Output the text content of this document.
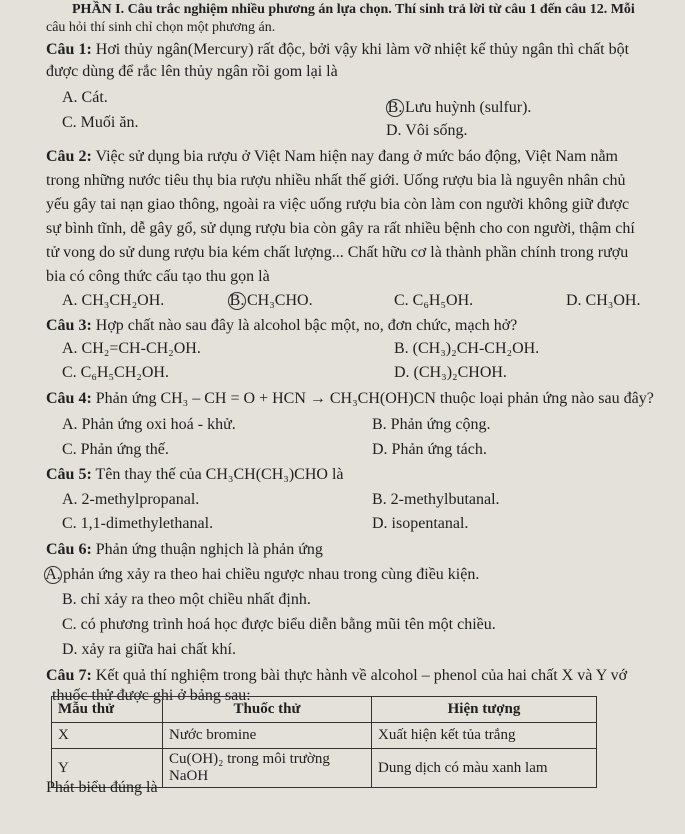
PHẦN I. Câu trắc nghiệm nhiều phương án lựa chọn. Thí sinh trả lời từ câu 1 đến câu 12. Mỗi
câu hỏi thí sinh chỉ chọn một phương án.
Câu 1: Hơi thủy ngân(Mercury) rất độc, bởi vậy khi làm vỡ nhiệt kế thủy ngân thì chất bột
được dùng để rắc lên thủy ngân rồi gom lại là
A. Cát.
B. Lưu huỳnh (sulfur).
C. Muối ăn.	D. Vôi sống.
Câu 2: Việc sử dụng bia rượu ở Việt Nam hiện nay đang ở mức báo động, Việt Nam nằm
trong những nước tiêu thụ bia rượu nhiều nhất thế giới. Uống rượu bia là nguyên nhân chủ
yếu gây tai nạn giao thông, ngoài ra việc uống rượu bia còn làm con người không giữ được
sự bình tĩnh, dễ gây gổ, sử dụng rượu bia còn gây ra rất nhiều bệnh cho con người, thậm chí
tử vong do sử dung rượu bia kém chất lượng... Chất hữu cơ là thành phần chính trong rượu
bia có công thức cấu tạo thu gọn là
A. CH₃CH₂OH.	B. CH₃CHO.	C. C₆H₅OH.	D. CH₃OH.
Câu 3: Hợp chất nào sau đây là alcohol bậc một, no, đơn chức, mạch hở?
A. CH₂=CH-CH₂OH.	B. (CH₃)₂CH-CH₂OH.
C. C₆H₅CH₂OH.	D. (CH₃)₂CHOH.
Câu 4: Phản ứng CH₃ – CH = O + HCN → CH₃CH(OH)CN thuộc loại phản ứng nào sau đây?
A. Phản ứng oxi hoá - khử.	B. Phản ứng cộng.
C. Phản ứng thế.	D. Phản ứng tách.
Câu 5: Tên thay thế của CH₃CH(CH₃)CHO là
A. 2-methylpropanal.	B. 2-methylbutanal.
C. 1,1-dimethylethanal.	D. isopentanal.
Câu 6: Phản ứng thuận nghịch là phản ứng
A. phản ứng xảy ra theo hai chiều ngược nhau trong cùng điều kiện.
B. chỉ xảy ra theo một chiều nhất định.
C. có phương trình hoá học được biểu diễn bằng mũi tên một chiều.
D. xảy ra giữa hai chất khí.
Câu 7: Kết quả thí nghiệm trong bài thực hành về alcohol – phenol của hai chất X và Y vớ
thuốc thử được ghi ở bảng sau:
Mẫu thử	Thuốc thử	Hiện tượng
X	Nước bromine	Xuất hiện kết tủa trắng
Y	Cu(OH)₂ trong môi trường NaOH	Dung dịch có màu xanh lam
Phát biểu đúng là
